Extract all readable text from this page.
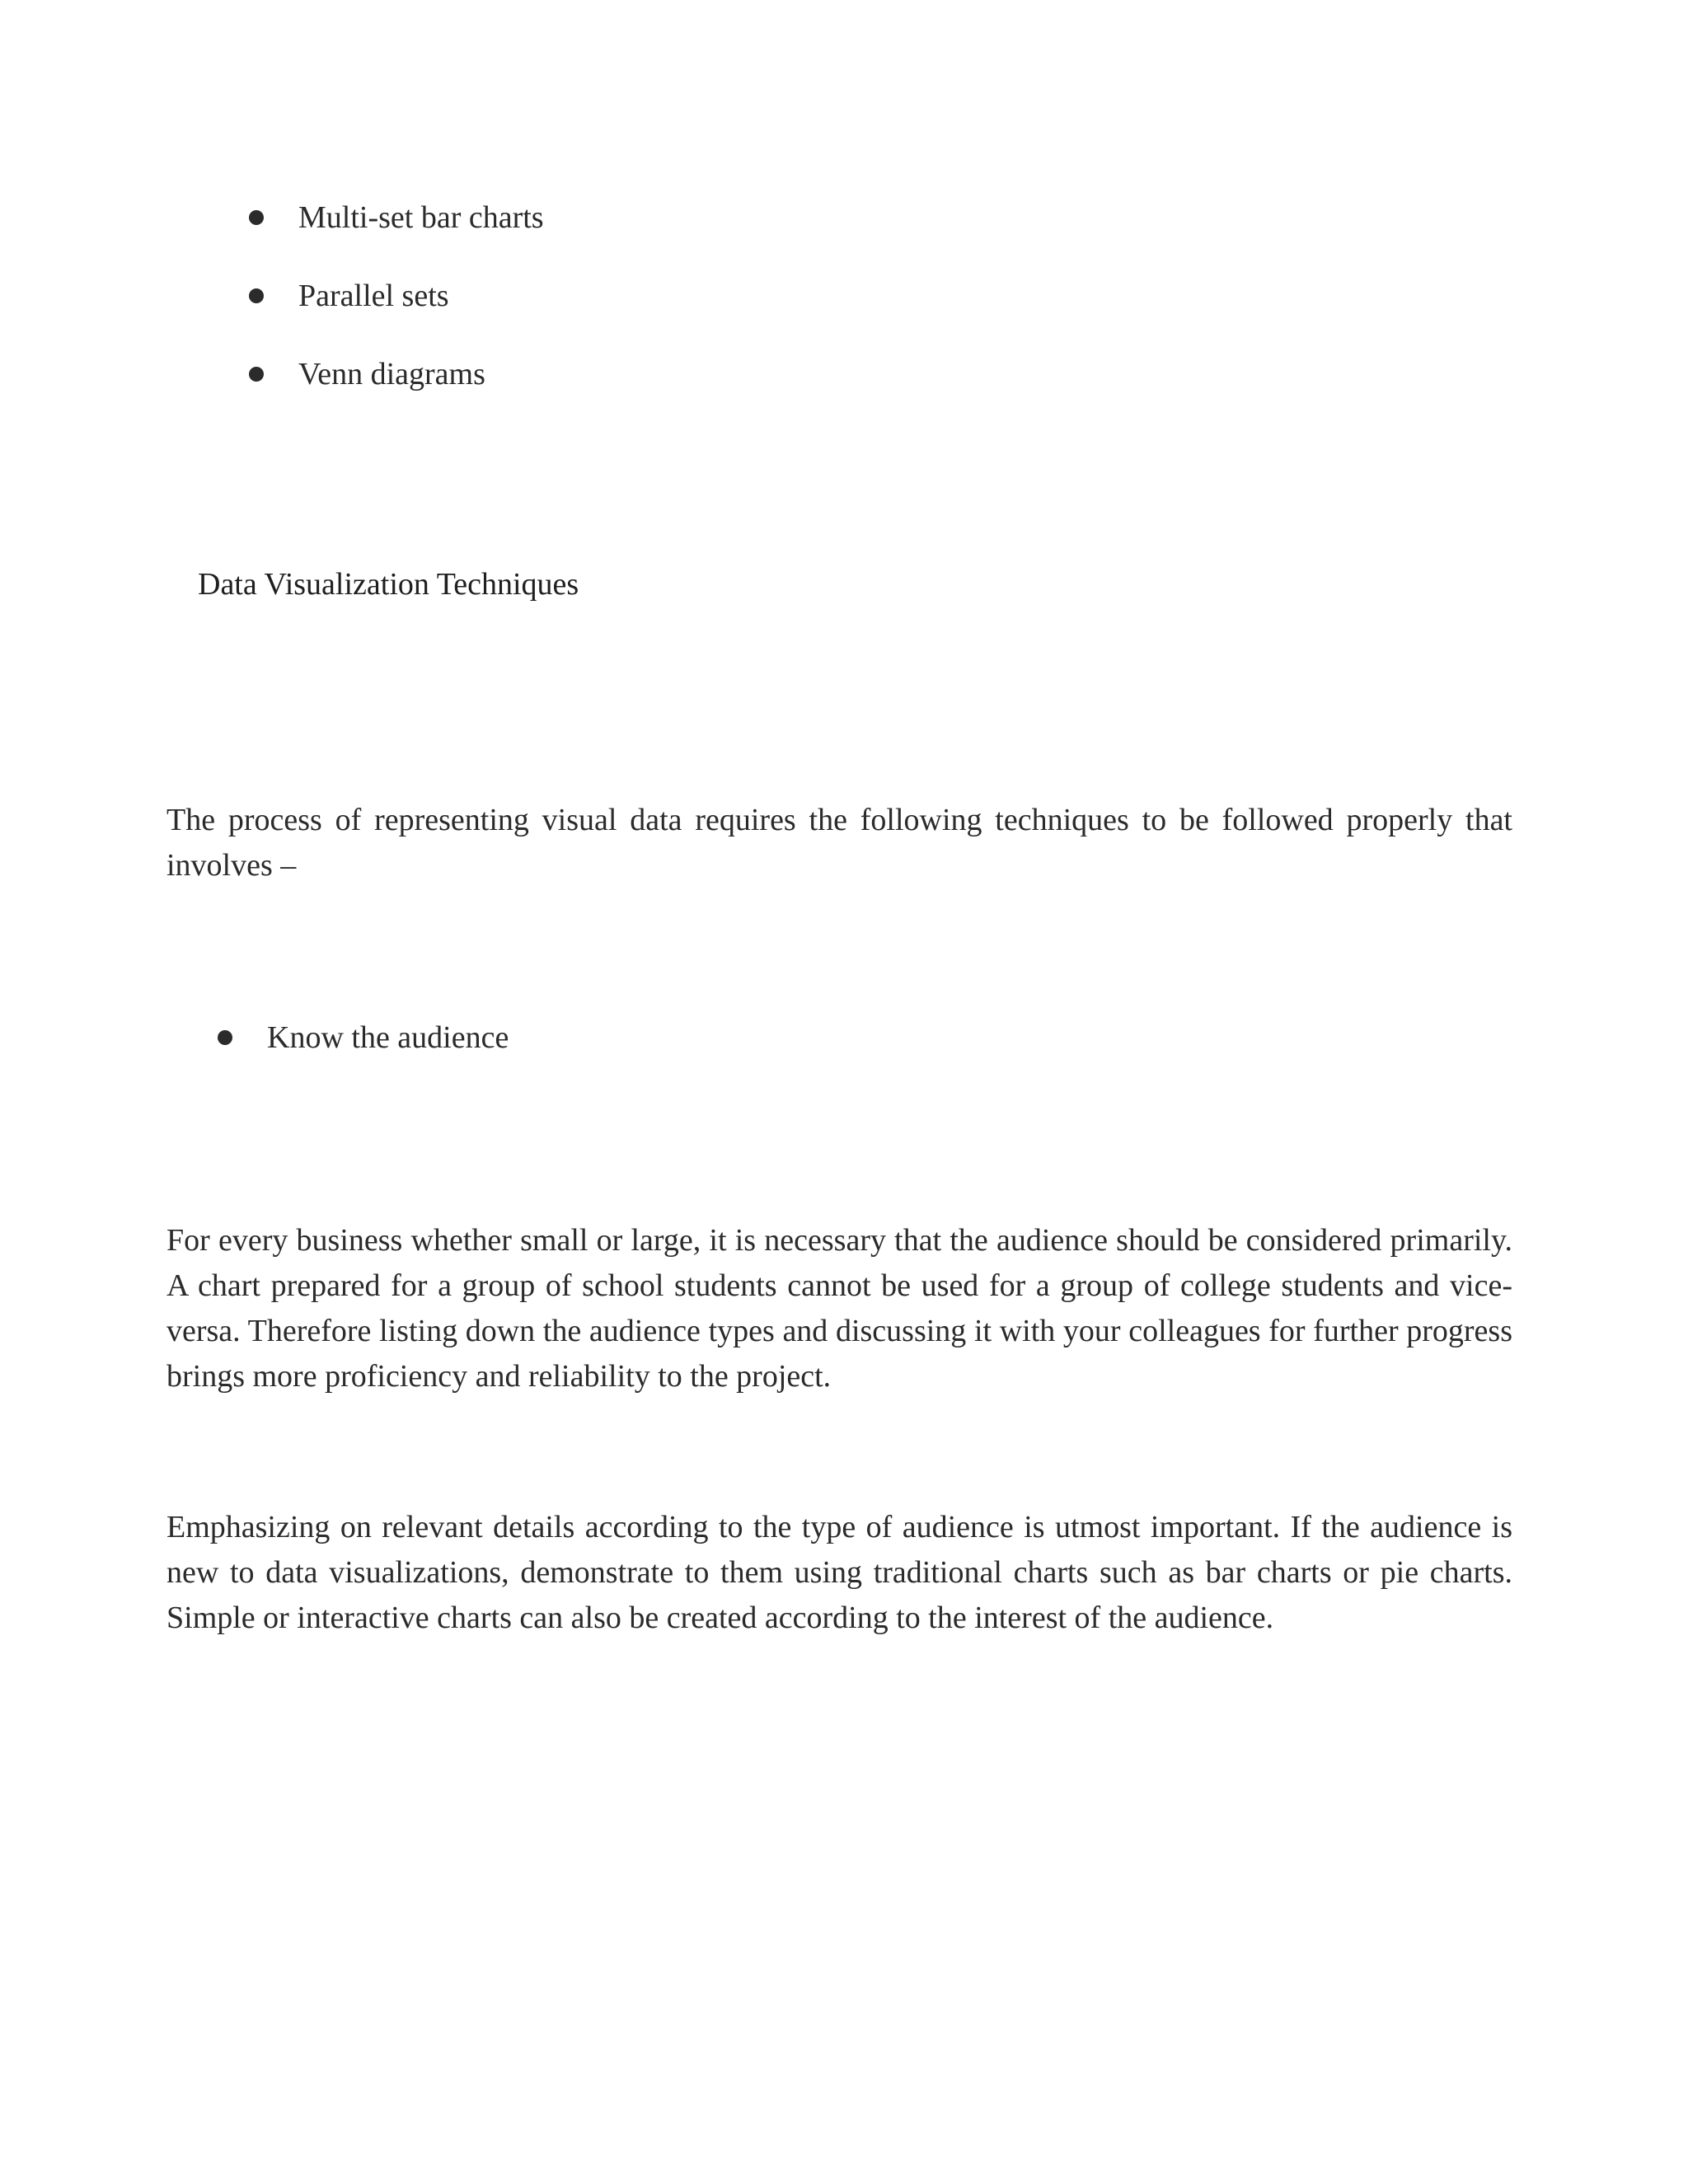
Multi-set bar charts
Parallel sets
Venn diagrams
Data Visualization Techniques

The process of representing visual data requires the following techniques to be followed properly that involves –

Know the audience

For every business whether small or large, it is necessary that the audience should be considered primarily. A chart prepared for a group of school students cannot be used for a group of college students and vice-versa. Therefore listing down the audience types and discussing it with your colleagues for further progress brings more proficiency and reliability to the project.

Emphasizing on relevant details according to the type of audience is utmost important. If the audience is new to data visualizations, demonstrate to them using traditional charts such as bar charts or pie charts. Simple or interactive charts can also be created according to the interest of the audience.
